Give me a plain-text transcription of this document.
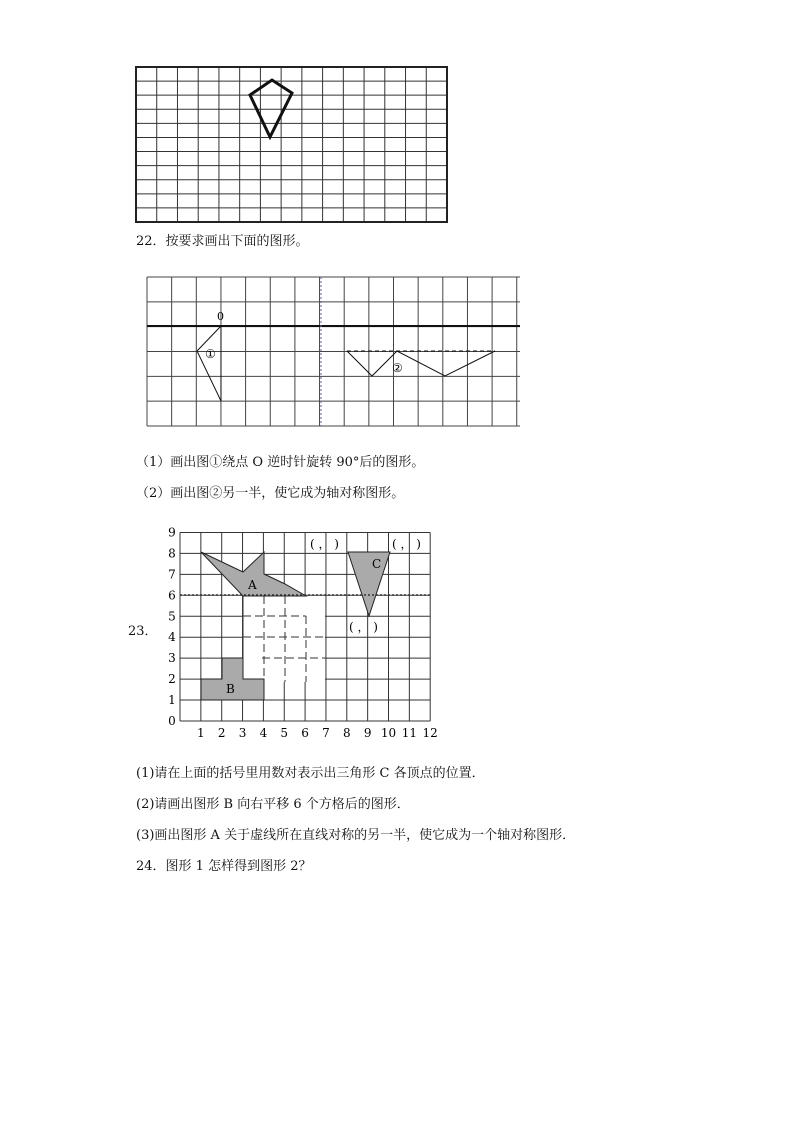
22．按要求画出下面的图形。
0
①
②
（1）画出图①绕点 O 逆时针旋转 90°后的图形。
（2）画出图②另一半，使它成为轴对称图形。
23．
1 2 3 4 5 6 7 8 9 10 11 12
0
1
2
3
4
5
6
7
8
9
A
B
C
( ， )	( ， )
( ， )
(1)请在上面的括号里用数对表示出三角形 C 各顶点的位置．
(2)请画出图形 B 向右平移 6 个方格后的图形．
(3)画出图形 A 关于虚线所在直线对称的另一半，使它成为一个轴对称图形．
24．图形 1 怎样得到图形 2？
